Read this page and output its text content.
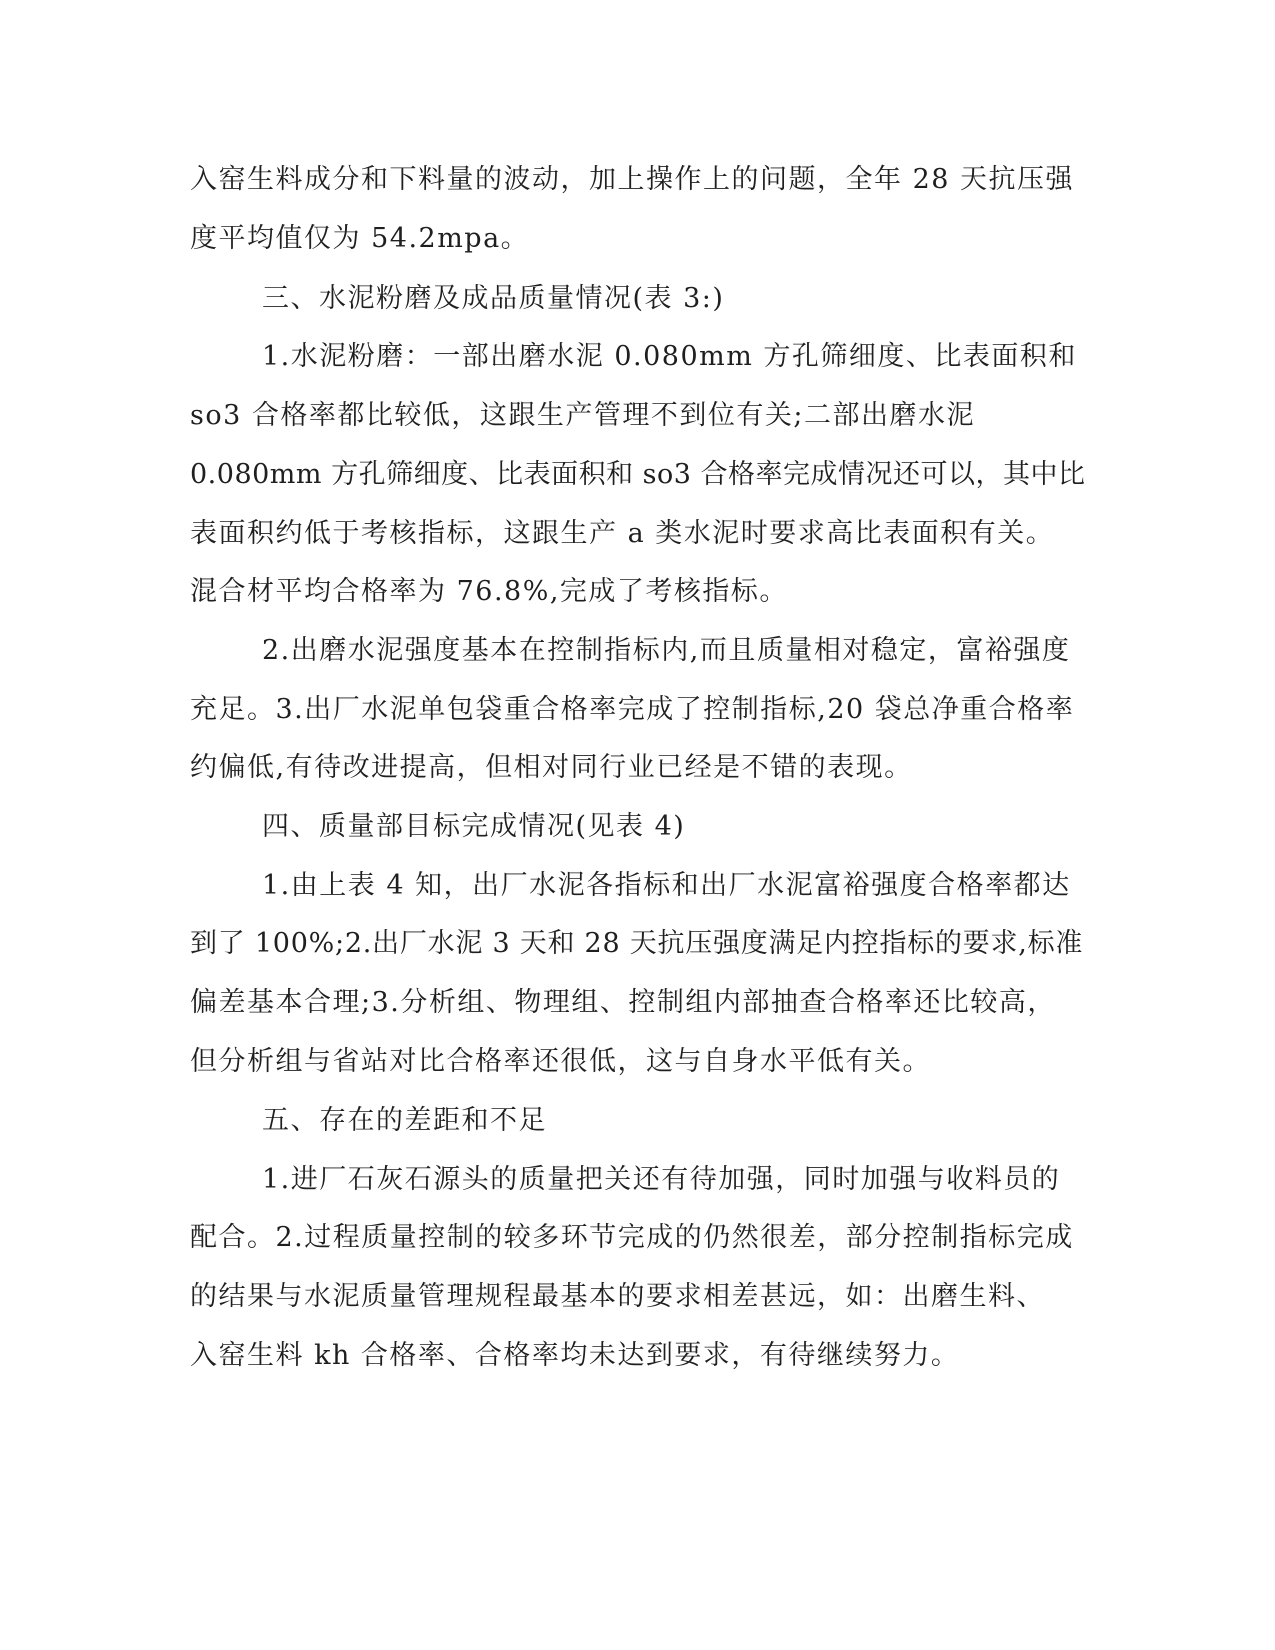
入窑生料成分和下料量的波动，加上操作上的问题，全年 28 天抗压强

度平均值仅为 54.2mpa。

三、水泥粉磨及成品质量情况(表 3:)

1.水泥粉磨：一部出磨水泥 0.080mm 方孔筛细度、比表面积和

so3 合格率都比较低，这跟生产管理不到位有关;二部出磨水泥

0.080mm 方孔筛细度、比表面积和 so3 合格率完成情况还可以，其中比

表面积约低于考核指标，这跟生产 a 类水泥时要求高比表面积有关。

混合材平均合格率为 76.8%,完成了考核指标。

2.出磨水泥强度基本在控制指标内,而且质量相对稳定，富裕强度

充足。3.出厂水泥单包袋重合格率完成了控制指标,20 袋总净重合格率

约偏低,有待改进提高，但相对同行业已经是不错的表现。

四、质量部目标完成情况(见表 4)

1.由上表 4 知，出厂水泥各指标和出厂水泥富裕强度合格率都达

到了 100%;2.出厂水泥 3 天和 28 天抗压强度满足内控指标的要求,标准

偏差基本合理;3.分析组、物理组、控制组内部抽查合格率还比较高，

但分析组与省站对比合格率还很低，这与自身水平低有关。

五、存在的差距和不足

1.进厂石灰石源头的质量把关还有待加强，同时加强与收料员的

配合。2.过程质量控制的较多环节完成的仍然很差，部分控制指标完成

的结果与水泥质量管理规程最基本的要求相差甚远，如：出磨生料、

入窑生料 kh 合格率、合格率均未达到要求，有待继续努力。
